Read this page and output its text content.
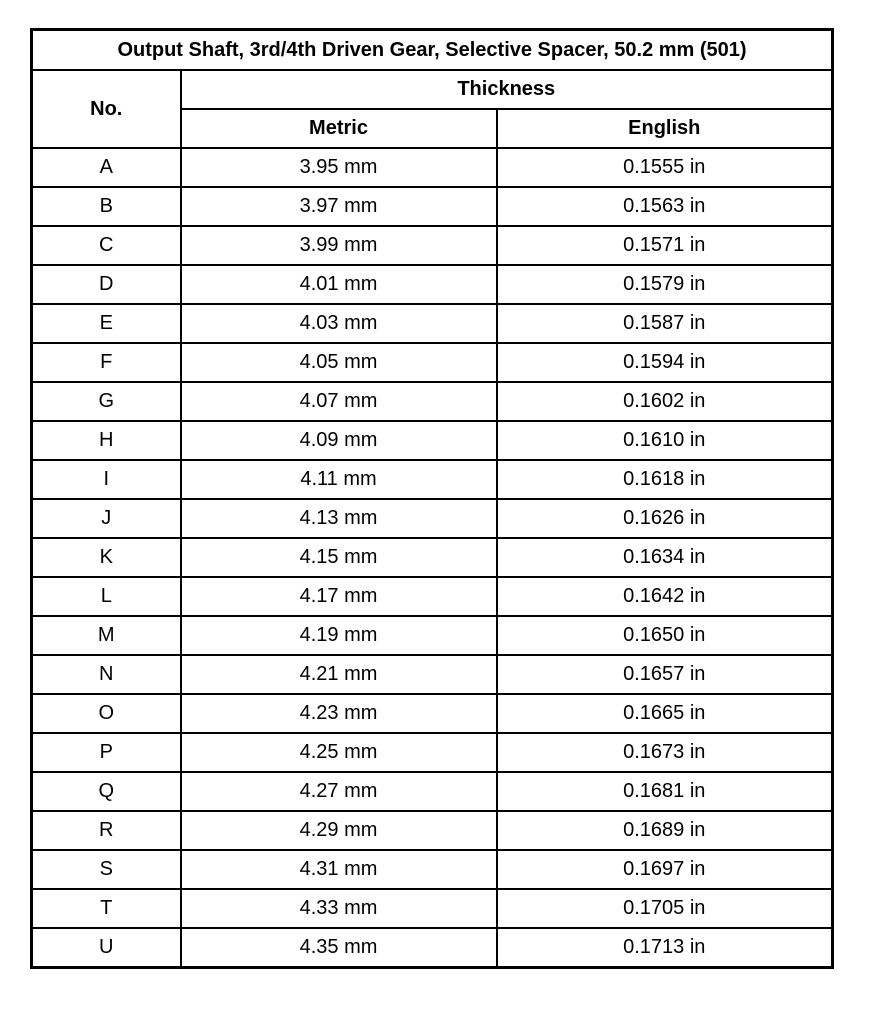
Output Shaft, 3rd/4th Driven Gear, Selective Spacer, 50.2 mm (501)		
No.	Thickness	
	Metric	English
A	3.95 mm	0.1555 in
B	3.97 mm	0.1563 in
C	3.99 mm	0.1571 in
D	4.01 mm	0.1579 in
E	4.03 mm	0.1587 in
F	4.05 mm	0.1594 in
G	4.07 mm	0.1602 in
H	4.09 mm	0.1610 in
I	4.11 mm	0.1618 in
J	4.13 mm	0.1626 in
K	4.15 mm	0.1634 in
L	4.17 mm	0.1642 in
M	4.19 mm	0.1650 in
N	4.21 mm	0.1657 in
O	4.23 mm	0.1665 in
P	4.25 mm	0.1673 in
Q	4.27 mm	0.1681 in
R	4.29 mm	0.1689 in
S	4.31 mm	0.1697 in
T	4.33 mm	0.1705 in
U	4.35 mm	0.1713 in
